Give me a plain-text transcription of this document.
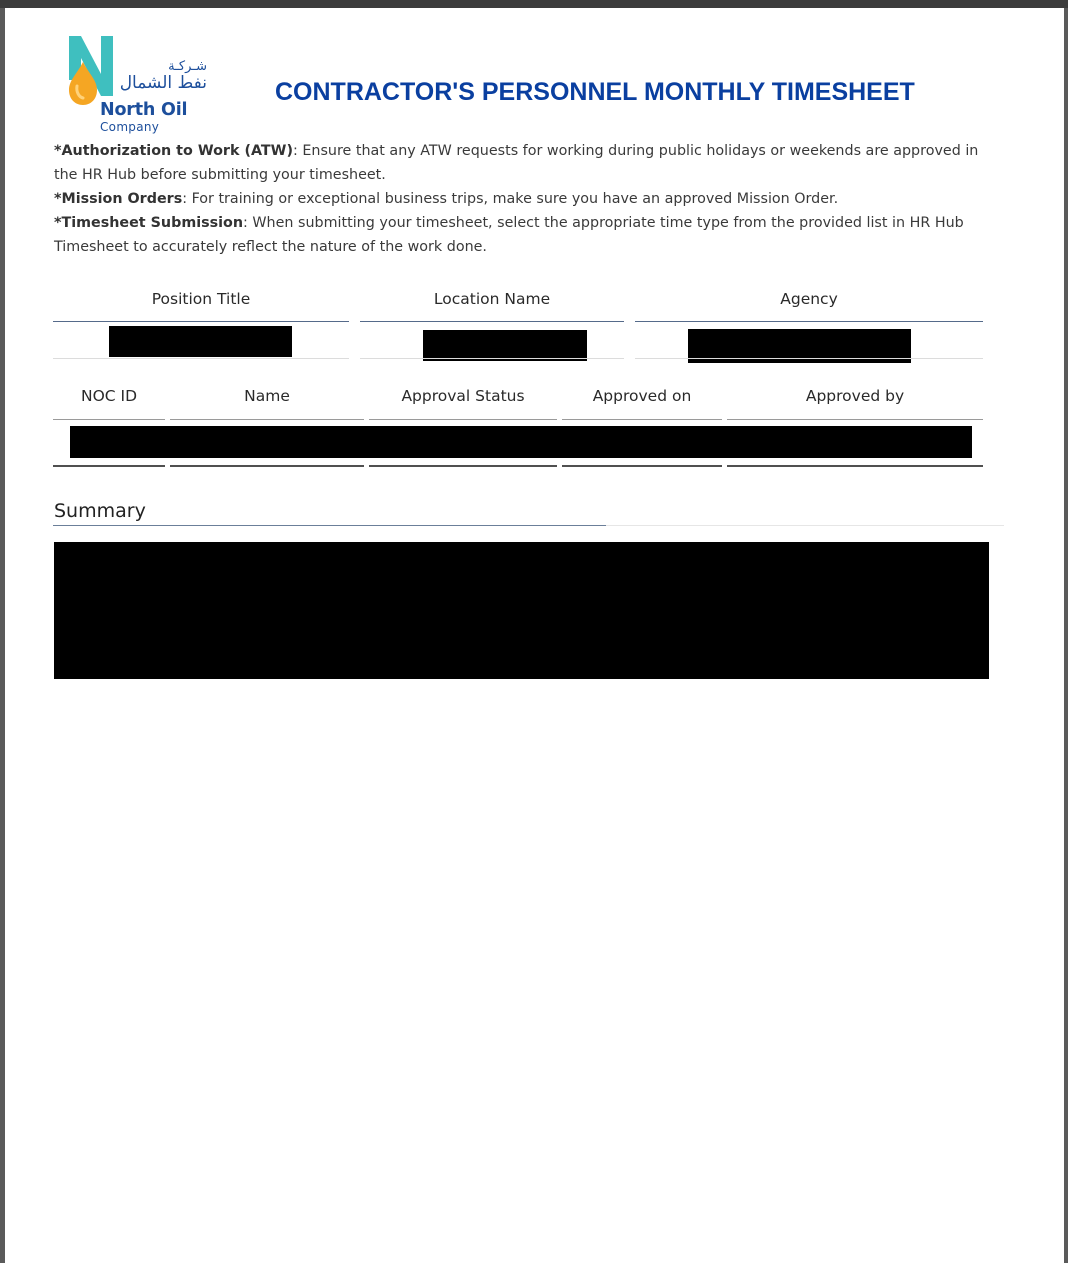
شـركـة
نفط الشمال
North Oil
Company
CONTRACTOR'S PERSONNEL MONTHLY TIMESHEET
*Authorization to Work (ATW): Ensure that any ATW requests for working during public holidays or weekends are approved in the HR Hub before submitting your timesheet.
*Mission Orders: For training or exceptional business trips, make sure you have an approved Mission Order.
*Timesheet Submission: When submitting your timesheet, select the appropriate time type from the provided list in HR Hub Timesheet to accurately reflect the nature of the work done.
Position Title	Location Name	Agency
NOC ID	Name	Approval Status	Approved on	Approved by
Summary
